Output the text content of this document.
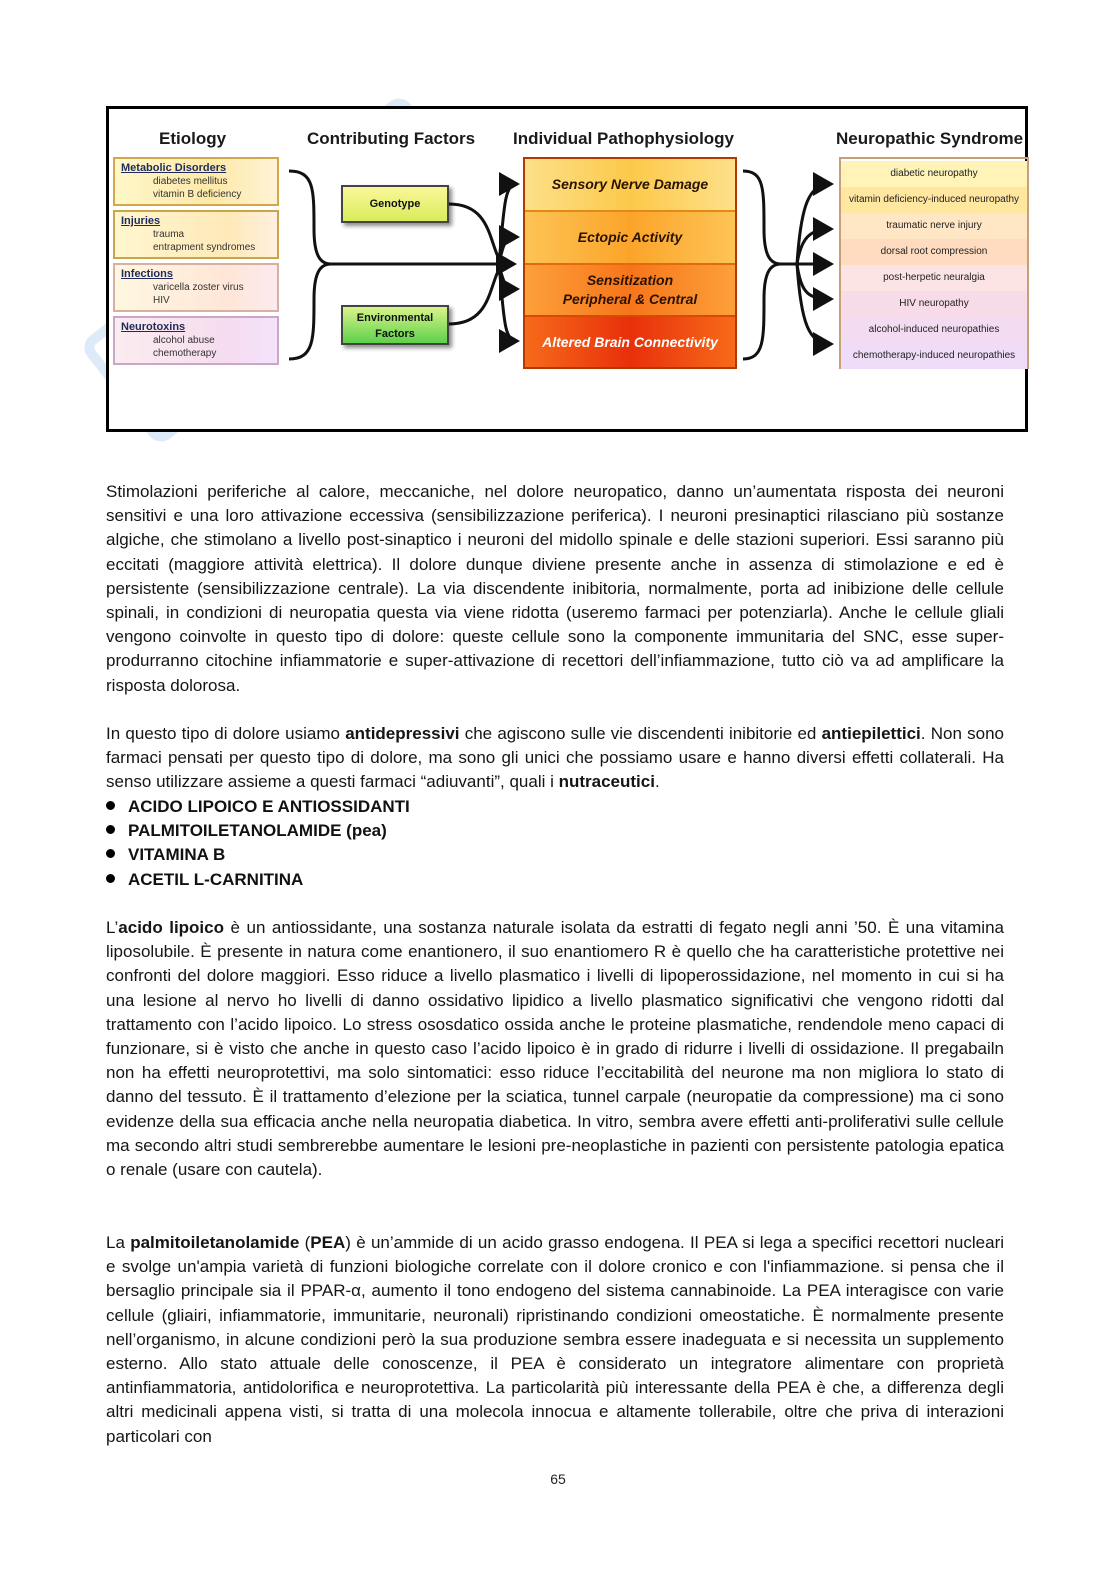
Etiology	Contributing Factors Individual Pathophysiology	Neuropathic Syndrome
Metabolic Disorders
diabetes mellitus
vitamin B deficiency
Injuries
trauma
entrapment syndromes
Infections
varicella zoster virus
HIV
Neurotoxins
alcohol abuse
chemotherapy
Genotype
Environmental
Factors
Sensory Nerve Damage
Ectopic Activity
Sensitization
Peripheral & Central
Altered Brain Connectivity
diabetic neuropathy
vitamin deficiency-induced neuropathy
traumatic nerve injury
dorsal root compression
post-herpetic neuralgia
HIV neuropathy
alcohol-induced neuropathies
chemotherapy-induced neuropathies

Stimolazioni periferiche al calore, meccaniche, nel dolore neuropatico, danno un’aumentata risposta dei neuroni sensitivi e una loro attivazione eccessiva (sensibilizzazione periferica). I neuroni presinaptici rilasciano più sostanze algiche, che stimolano a livello post-sinaptico i neuroni del midollo spinale e delle stazioni superiori. Essi saranno più eccitati (maggiore attività elettrica). Il dolore dunque diviene presente anche in assenza di stimolazione e ed è persistente (sensibilizzazione centrale). La via discendente inibitoria, normalmente, porta ad inibizione delle cellule spinali, in condizioni di neuropatia questa via viene ridotta (useremo farmaci per potenziarla). Anche le cellule gliali vengono coinvolte in questo tipo di dolore: queste cellule sono la componente immunitaria del SNC, esse super-produrranno citochine infiammatorie e super-attivazione di recettori dell’infiammazione, tutto ciò va ad amplificare la risposta dolorosa.

In questo tipo di dolore usiamo antidepressivi che agiscono sulle vie discendenti inibitorie ed antiepilettici. Non sono farmaci pensati per questo tipo di dolore, ma sono gli unici che possiamo usare e hanno diversi effetti collaterali. Ha senso utilizzare assieme a questi farmaci “adiuvanti”, quali i nutraceutici.

ACIDO LIPOICO E ANTIOSSIDANTI
PALMITOILETANOLAMIDE (pea)
VITAMINA B
ACETIL L-CARNITINA

L’acido lipoico è un antiossidante, una sostanza naturale isolata da estratti di fegato negli anni ’50. È una vitamina liposolubile. È presente in natura come enantionero, il suo enantiomero R è quello che ha caratteristiche protettive nei confronti del dolore maggiori. Esso riduce a livello plasmatico i livelli di lipoperossidazione, nel momento in cui si ha una lesione al nervo ho livelli di danno ossidativo lipidico a livello plasmatico significativi che vengono ridotti dal trattamento con l’acido lipoico. Lo stress ososdatico ossida anche le proteine plasmatiche, rendendole meno capaci di funzionare, si è visto che anche in questo caso l’acido lipoico è in grado di ridurre i livelli di ossidazione. Il pregabailn non ha effetti neuroprotettivi, ma solo sintomatici: esso riduce l’eccitabilità del neurone ma non migliora lo stato di danno del tessuto. È il trattamento d’elezione per la sciatica, tunnel carpale (neuropatie da compressione) ma ci sono evidenze della sua efficacia anche nella neuropatia diabetica. In vitro, sembra avere effetti anti-proliferativi sulle cellule ma secondo altri studi sembrerebbe aumentare le lesioni pre-neoplastiche in pazienti con persistente patologia epatica o renale (usare con cautela).

La palmitoiletanolamide (PEA) è un’ammide di un acido grasso endogena. Il PEA si lega a specifici recettori nucleari e svolge un'ampia varietà di funzioni biologiche correlate con il dolore cronico e con l'infiammazione. si pensa che il bersaglio principale sia il PPAR-α, aumento il tono endogeno del sistema cannabinoide. La PEA interagisce con varie cellule (gliairi, infiammatorie, immunitarie, neuronali) ripristinando condizioni omeostatiche. È normalmente presente nell’organismo, in alcune condizioni però la sua produzione sembra essere inadeguata e si necessita un supplemento esterno. Allo stato attuale delle conoscenze, il PEA è considerato un integratore alimentare con proprietà antinfiammatoria, antidolorifica e neuroprotettiva. La particolarità più interessante della PEA è che, a differenza degli altri medicinali appena visti, si tratta di una molecola innocua e altamente tollerabile, oltre che priva di interazioni particolari con

65
